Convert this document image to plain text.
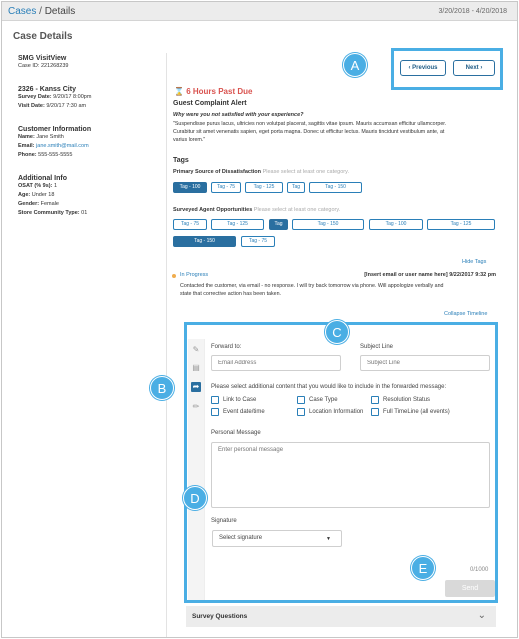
Cases / Details	3/20/2018 - 4/20/2018
Case Details
SMG VisitView
Case ID: 221268239
2326 - Kanss City
Survey Date: 9/20/17 8:00pm
Visit Date: 9/20/17 7:30 am
Customer Information
Name: Jane Smith
Email: jane.smith@mail.com
Phone: 555-555-5555
Additional Info
OSAT (% 9s): 1
Age: Under 18
Gender: Female
Store Community Type: 01
A	‹ Previous	Next ›
⌛ 6 Hours Past Due
Guest Complaint Alert
Why were you not satisfied with your experience?
"Suspendisse purus lacus, ultricies non volutpat placerat, sagittis vitae ipsum. Mauris accumsan efficitur ullamcorper.
Curabitur sit amet venenatis sapien, eget porta magna. Donec ut efficitur lectus. Mauris tincidunt vestibulum ante, at
varius lorem."
Tags
Primary Source of Dissatisfaction Please select at least one category.
Tag - 100	Tag - 75	Tag - 125	Tag	Tag - 150
Surveyed Agent Opportunities Please select at least one category.
Tag - 75	Tag - 125	Tag	Tag - 150	Tag - 100	Tag - 125
Tag - 150	Tag - 75
Hide Tags
In Progress	[Insert email or user name here] 9/22/2017 9:32 pm
Contacted the customer, via email - no response. I will try back tomorrow via phone. Will appologize verbally and
state that corrective action has been taken.
Collapse Timeline
✎
▤
➦
✏
Forward to:
Email Address	Subject Line
Subject Line
Please select additional content that you would like to include in the forwarded message:
Link to Case	Case Type	Resolution Status
Event date/time	Location Information	Full TimeLine (all events)
Personal Message
Enter personal message
Signature
Select signature	▼
0/1000
Send
B
C
D
E
Survey Questions	⌄
